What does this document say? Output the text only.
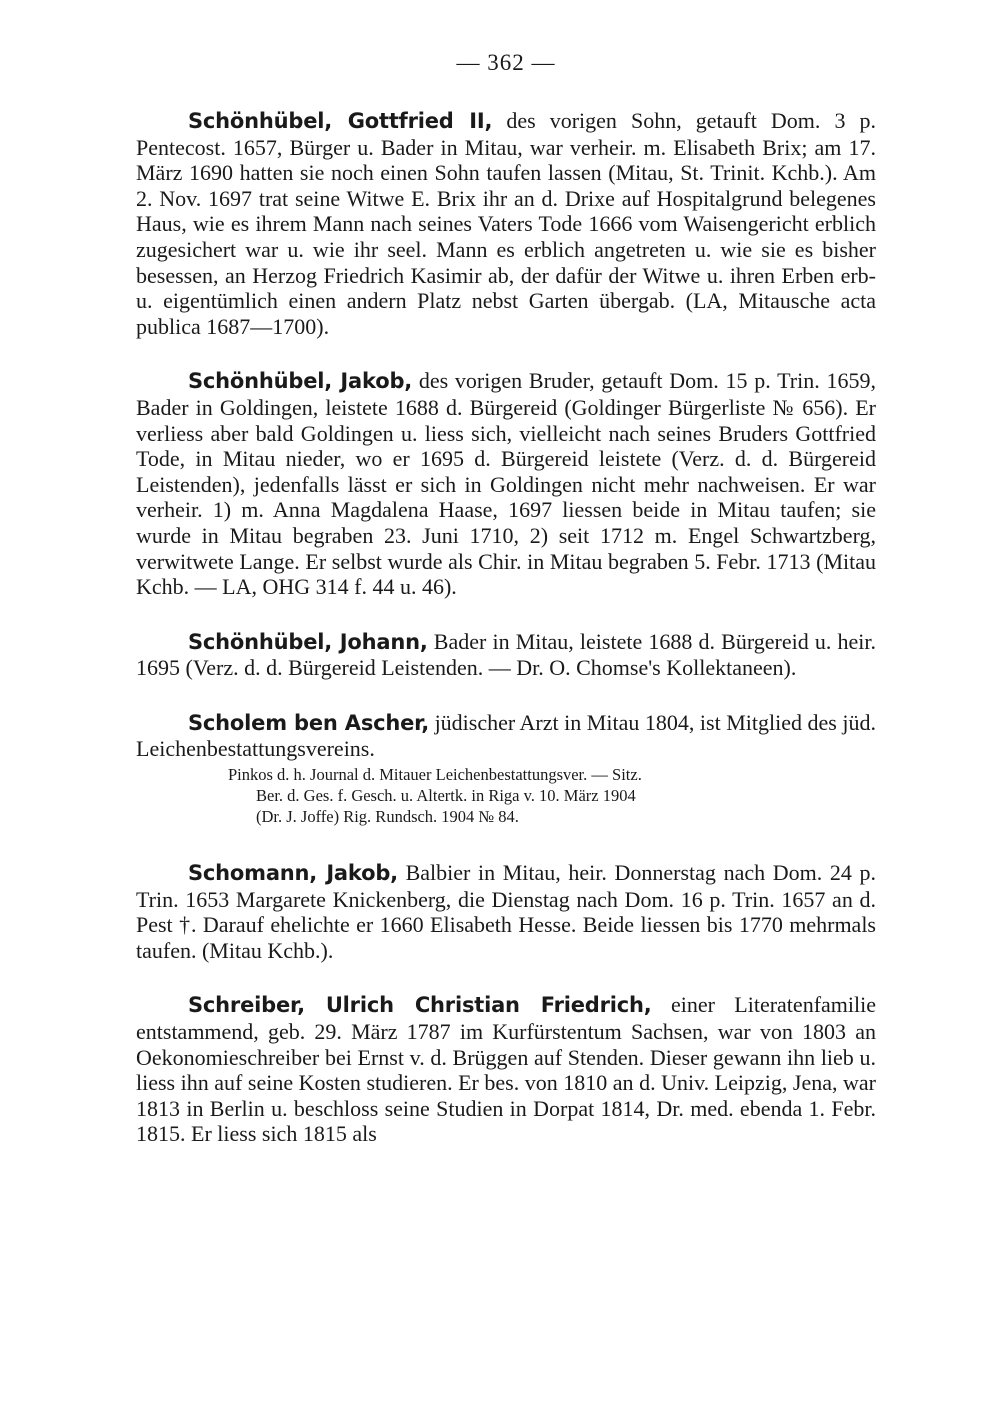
— 362 —

Schönhübel, Gottfried II, des vorigen Sohn, getauft Dom. 3 p. Pentecost. 1657, Bürger u. Bader in Mitau, war verheir. m. Elisabeth Brix; am 17. März 1690 hatten sie noch einen Sohn taufen lassen (Mitau, St. Trinit. Kchb.). Am 2. Nov. 1697 trat seine Witwe E. Brix ihr an d. Drixe auf Hospitalgrund belegenes Haus, wie es ihrem Mann nach seines Vaters Tode 1666 vom Waisengericht erblich zugesichert war u. wie ihr seel. Mann es erblich angetreten u. wie sie es bisher besessen, an Herzog Friedrich Kasimir ab, der dafür der Witwe u. ihren Erben erb- u. eigentümlich einen andern Platz nebst Garten übergab. (LA, Mitausche acta publica 1687—1700).

Schönhübel, Jakob, des vorigen Bruder, getauft Dom. 15 p. Trin. 1659, Bader in Goldingen, leistete 1688 d. Bürgereid (Goldinger Bürgerliste № 656). Er verliess aber bald Goldingen u. liess sich, vielleicht nach seines Bruders Gottfried Tode, in Mitau nieder, wo er 1695 d. Bürgereid leistete (Verz. d. d. Bürgereid Leistenden), jedenfalls lässt er sich in Goldingen nicht mehr nachweisen. Er war verheir. 1) m. Anna Magdalena Haase, 1697 liessen beide in Mitau taufen; sie wurde in Mitau begraben 23. Juni 1710, 2) seit 1712 m. Engel Schwartzberg, verwitwete Lange. Er selbst wurde als Chir. in Mitau begraben 5. Febr. 1713 (Mitau Kchb. — LA, OHG 314 f. 44 u. 46).

Schönhübel, Johann, Bader in Mitau, leistete 1688 d. Bürgereid u. heir. 1695 (Verz. d. d. Bürgereid Leistenden. — Dr. O. Chomse's Kollektaneen).

Scholem ben Ascher, jüdischer Arzt in Mitau 1804, ist Mitglied des jüd. Leichenbestattungsvereins.

Pinkos d. h. Journal d. Mitauer Leichenbestattungsver. — Sitz.
Ber. d. Ges. f. Gesch. u. Altertk. in Riga v. 10. März 1904
(Dr. J. Joffe) Rig. Rundsch. 1904 № 84.

Schomann, Jakob, Balbier in Mitau, heir. Donnerstag nach Dom. 24 p. Trin. 1653 Margarete Knickenberg, die Dienstag nach Dom. 16 p. Trin. 1657 an d. Pest †. Darauf ehelichte er 1660 Elisabeth Hesse. Beide liessen bis 1770 mehrmals taufen. (Mitau Kchb.).

Schreiber, Ulrich Christian Friedrich, einer Literatenfamilie entstammend, geb. 29. März 1787 im Kurfürstentum Sachsen, war von 1803 an Oekonomieschreiber bei Ernst v. d. Brüggen auf Stenden. Dieser gewann ihn lieb u. liess ihn auf seine Kosten studieren. Er bes. von 1810 an d. Univ. Leipzig, Jena, war 1813 in Berlin u. beschloss seine Studien in Dorpat 1814, Dr. med. ebenda 1. Febr. 1815. Er liess sich 1815 als
